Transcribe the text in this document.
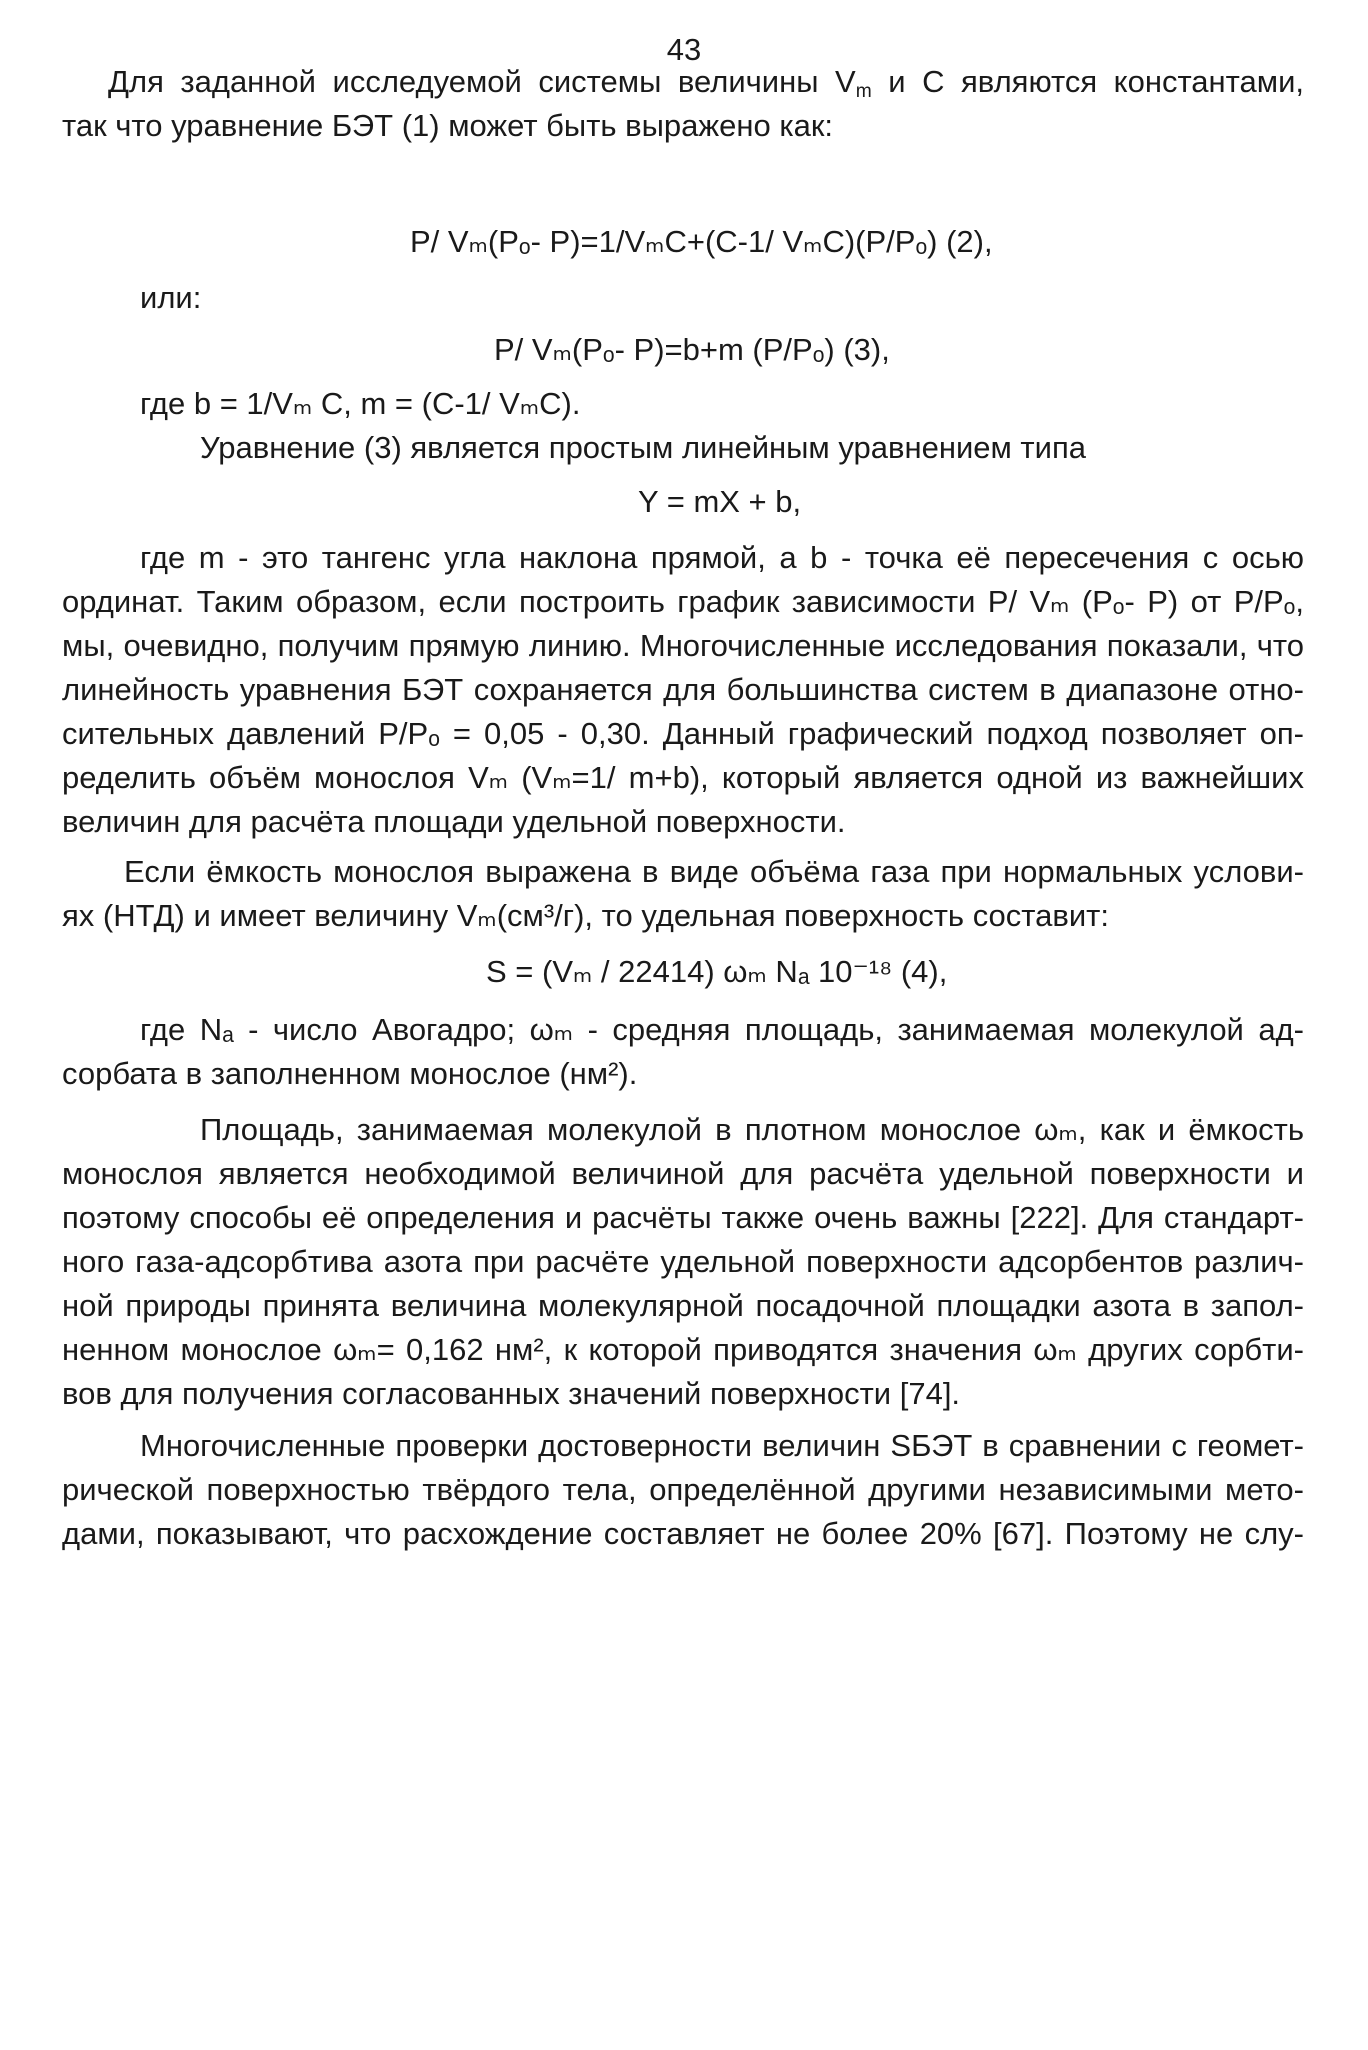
43
Для заданной исследуемой системы величины $V_m$ и С являются константами,
так что уравнение БЭТ (1) может быть выражено как:
P/ Vₘ(Pₒ- P)=1/VₘC+(C-1/ VₘC)(P/Pₒ) (2),
или:
P/ Vₘ(Pₒ- P)=b+m (P/Pₒ) (3),
где b = 1/Vₘ C, m = (C-1/ VₘC).
Уравнение (3) является простым линейным уравнением типа
Y = mX + b,
где m - это тангенс угла наклона прямой, а b - точка её пересечения с осью
ординат. Таким образом, если построить график зависимости P/ Vₘ (Pₒ- P) от P/Pₒ,
мы, очевидно, получим прямую линию. Многочисленные исследования показали, что
линейность уравнения БЭТ сохраняется для большинства систем в диапазоне отно-
сительных давлений P/Pₒ = 0,05 - 0,30. Данный графический подход позволяет оп-
ределить объём монослоя Vₘ (Vₘ=1/ m+b), который является одной из важнейших
величин для расчёта площади удельной поверхности.
Если ёмкость монослоя выражена в виде объёма газа при нормальных услови-
ях (НТД) и имеет величину Vₘ(см³/г), то удельная поверхность составит:
S = (Vₘ / 22414) ωₘ Nₐ 10⁻¹⁸ (4),
где Nₐ - число Авогадро; ωₘ - средняя площадь, занимаемая молекулой ад-
сорбата в заполненном монослое (нм²).
Площадь, занимаемая молекулой в плотном монослое ωₘ, как и ёмкость
монослоя является необходимой величиной для расчёта удельной поверхности и
поэтому способы её определения и расчёты также очень важны [222]. Для стандарт-
ного газа-адсорбтива азота при расчёте удельной поверхности адсорбентов различ-
ной природы принята величина молекулярной посадочной площадки азота в запол-
ненном монослое ωₘ= 0,162 нм², к которой приводятся значения ωₘ других сорбти-
вов для получения согласованных значений поверхности [74].
Многочисленные проверки достоверности величин SБЭТ в сравнении с геомет-
рической поверхностью твёрдого тела, определённой другими независимыми мето-
дами, показывают, что расхождение составляет не более 20% [67]. Поэтому не слу-
